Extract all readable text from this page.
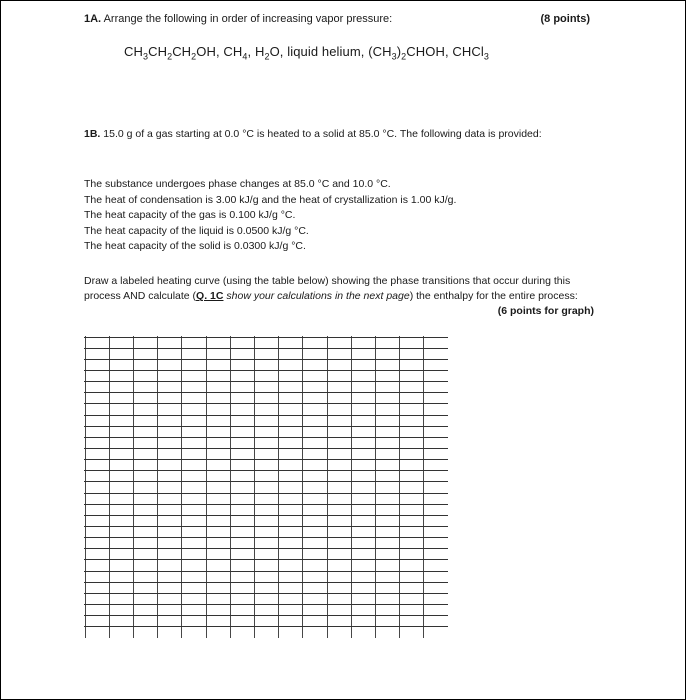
1A. Arrange the following in order of increasing vapor pressure:	(8 points)
$CH_3CH_2CH_2OH$, $CH_4$, $H_2O$, liquid helium, $(CH_3)_2CHOH$, CHCl$_3$
1B. 15.0 g of a gas starting at 0.0 °C is heated to a solid at 85.0 °C. The following data is provided:
The substance undergoes phase changes at 85.0 °C and 10.0 °C.
The heat of condensation is 3.00 kJ/g and the heat of crystallization is 1.00 kJ/g.
The heat capacity of the gas is 0.100 kJ/g °C.
The heat capacity of the liquid is 0.0500 kJ/g °C.
The heat capacity of the solid is 0.0300 kJ/g °C.
Draw a labeled heating curve (using the table below) showing the phase transitions that occur during this process AND calculate (Q. 1C show your calculations in the next page) the enthalpy for the entire process:
(6 points for graph)
